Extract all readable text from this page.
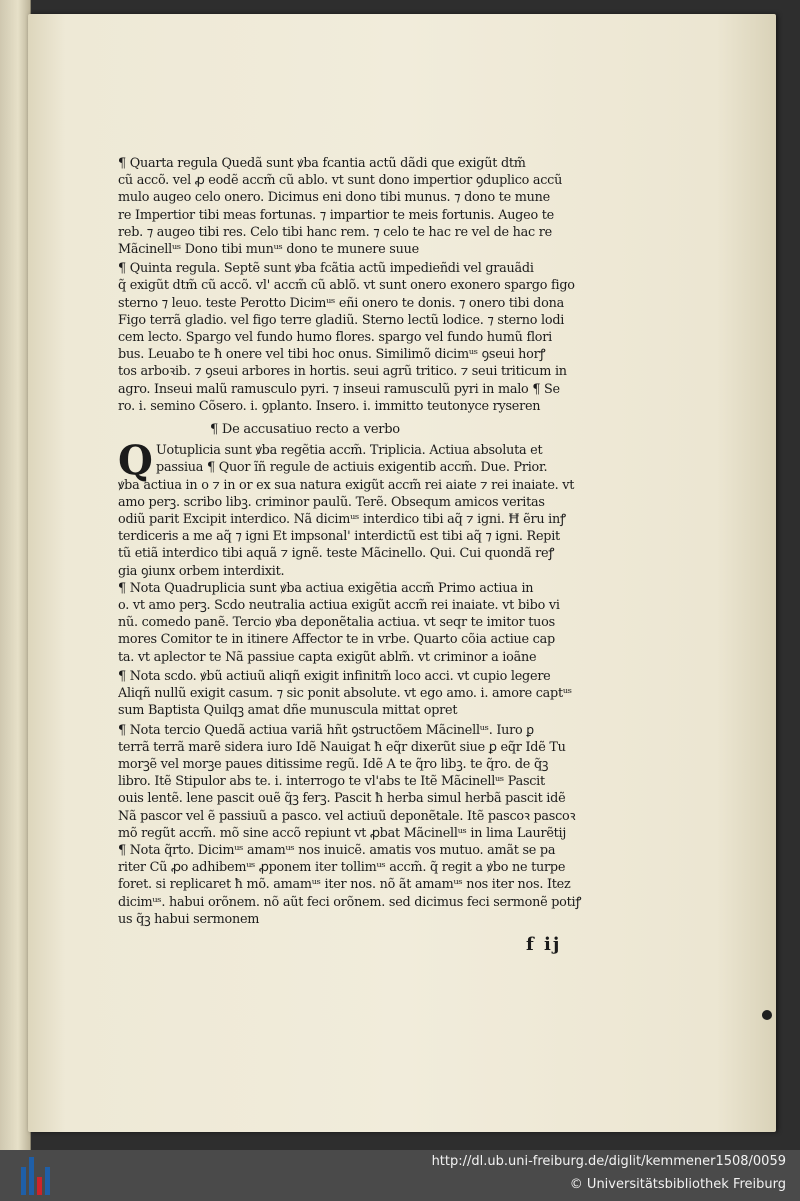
¶ Quarta regula Quedã sunt ꝟba fcantia actũ dãdi que exigũt dtm̃
cũ accõ. vel ꝓ eodẽ accm̃ cũ ablo. vt sunt dono impertior ꝯduplico accũ
mulo augeo celo onero. Dicimus eni dono tibi munus. ⁊ dono te mune
re Impertior tibi meas fortunas. ⁊ impartior te meis fortunis. Augeo te
reb. ⁊ augeo tibi res. Celo tibi hanc rem. ⁊ celo te hac re vel de hac re
Mãcinellᵘˢ Dono tibi munᵘˢ dono te munere suue
¶ Quinta regula. Septẽ sunt ꝟba fcãtia actũ impedieñdi vel grauãdi
q̃ exigũt dtm̃ cũ accõ. vl' accm̃ cũ ablõ. vt sunt onero exonero spargo figo
sterno ⁊ leuo. teste Perotto Dicimᵘˢ eñi onero te donis. ⁊ onero tibi dona
Figo terrã gladio. vel figo terre gladiũ. Sterno lectũ lodice. ⁊ sterno lodi
cem lecto. Spargo vel fundo humo flores. spargo vel fundo humũ flori
bus. Leuabo te ħ onere vel tibi hoc onus. Similimõ dicimᵘˢ ꝯseui horꝭ
tos arboꝛib. ⁊ ꝯseui arbores in hortis. seui agrũ tritico. ⁊ seui triticum in
agro. Inseui malũ ramusculo pyri. ⁊ inseui ramusculũ pyri in malo ¶ Se
ro. i. semino Cõsero. i. ꝯplanto. Insero. i. immitto teutonyce ryseren
¶ De accusatiuo recto a verbo
Q Uotuplicia sunt ꝟba regẽtia accm̃. Triplicia. Actiua absoluta et
passiua ¶ Quor ĩñ regule de actiuis exigentib accm̃. Due. Prior.
ꝟba actiua in o ⁊ in or ex sua natura exigũt accm̃ rei aiate ⁊ rei inaiate. vt
amo perꝫ. scribo libꝫ. criminor paulũ. Terẽ. Obsequm amicos veritas
odiũ parit Excipit interdico. Nã dicimᵘˢ interdico tibi aq̃ ⁊ igni. Ħ ẽru inꝭ
terdiceris a me aq̃ ⁊ igni Et impsonal' interdictũ est tibi aq̃ ⁊ igni. Repit
tũ etiã interdico tibi aquã ⁊ ignẽ. teste Mãcinello. Qui. Cui quondã reꝭ
gia ꝯiunx orbem interdixit.
¶ Nota Quadruplicia sunt ꝟba actiua exigẽtia accm̃ Primo actiua in
o. vt amo perꝫ. Scdo neutralia actiua exigũt accm̃ rei inaiate. vt bibo vi
nũ. comedo panẽ. Tercio ꝟba deponẽtalia actiua. vt seqr te imitor tuos
mores Comitor te in itinere Affector te in vrbe. Quarto cõia actiue cap
ta. vt aplector te Nã passiue capta exigũt ablm̃. vt criminor a ioãne
¶ Nota scdo. ꝟbũ actiuũ aliqñ exigit infinitm̃ loco acci. vt cupio legere
Aliqñ nullũ exigit casum. ⁊ sic ponit absolute. vt ego amo. i. amore captᵘˢ
sum Baptista Quilqꝫ amat dñe munuscula mittat opret
¶ Nota tercio Quedã actiua variã hñt ꝯstructõem Mãcinellᵘˢ. Iuro ꝑ
terrã terrã marẽ sidera iuro Idẽ Nauigat ħ eq̃r dixerũt siue ꝑ eq̃r Idẽ Tu
morꝫẽ vel morꝫe paues ditissime regũ. Idẽ A te q̃ro libꝫ. te q̃ro. de q̃ꝫ
libro. Itẽ Stipulor abs te. i. interrogo te vl'abs te Itẽ Mãcinellᵘˢ Pascit
ouis lentẽ. lene pascit ouẽ q̃ꝫ ferꝫ. Pascit ħ herba simul herbã pascit idẽ
Nã pascor vel ẽ passiuũ a pasco. vel actiuũ deponẽtale. Itẽ pascoꝛ pascoꝛ
mõ regũt accm̃. mõ sine accõ repiunt vt ꝓbat Mãcinellᵘˢ in lima Laurẽtij
¶ Nota q̃rto. Dicimᵘˢ amamᵘˢ nos inuicẽ. amatis vos mutuo. amãt se pa
riter Cũ ꝓo adhibemᵘˢ ꝓponem iter tollimᵘˢ accm̃. q̃ regit a ꝟbo ne turpe
foret. si replicaret ħ mõ. amamᵘˢ iter nos. nõ ãt amamᵘˢ nos iter nos. Itez
dicimᵘˢ. habui orõnem. nõ aũt feci orõnem. sed dicimus feci sermonẽ potiꝭ
us q̃ꝫ habui sermonem
f ij
http://dl.ub.uni-freiburg.de/diglit/kemmener1508/0059
© Universitätsbibliothek Freiburg
